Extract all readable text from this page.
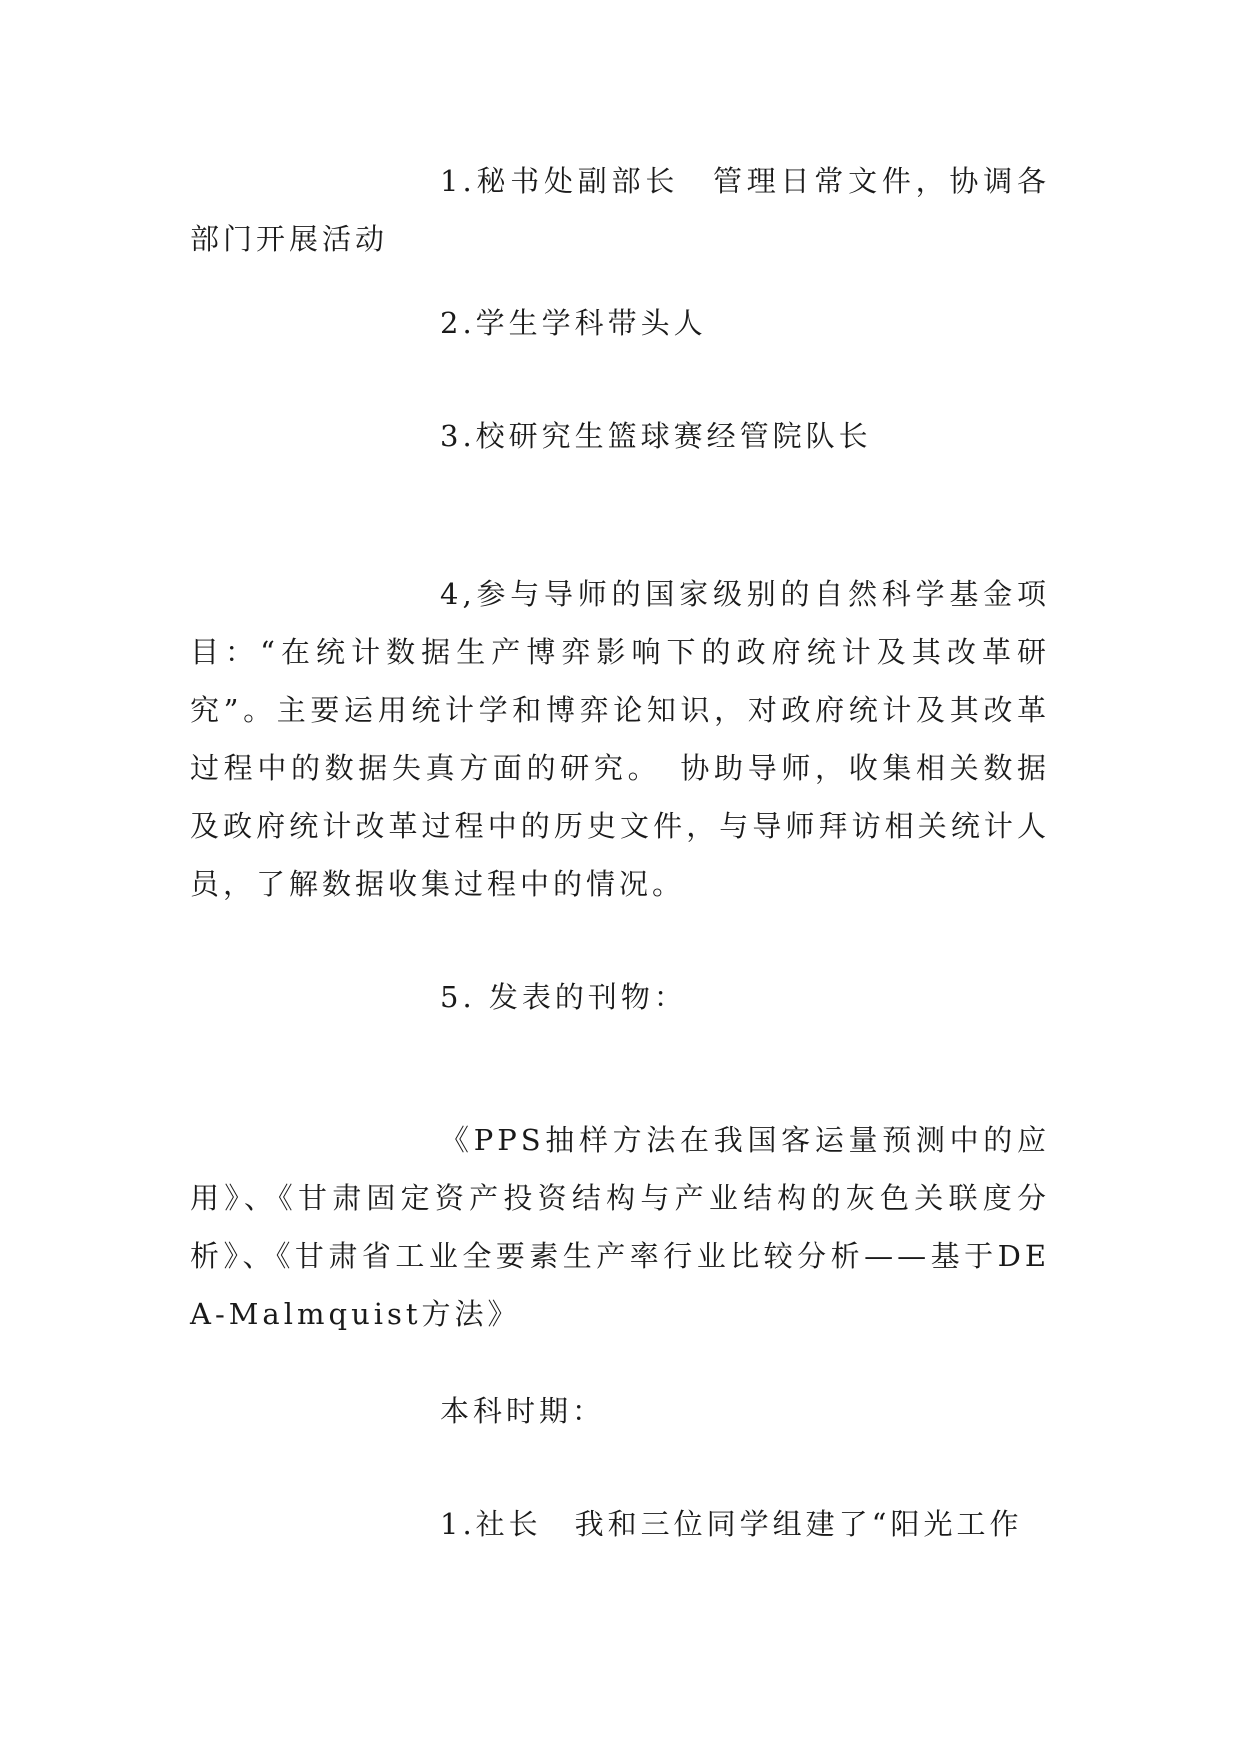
1.秘书处副部长　管理日常文件，协调各部门开展活动

2.学生学科带头人

3.校研究生篮球赛经管院队长

4,参与导师的国家级别的自然科学基金项目：“在统计数据生产博弈影响下的政府统计及其改革研究”。主要运用统计学和博弈论知识，对政府统计及其改革过程中的数据失真方面的研究。　协助导师，收集相关数据及政府统计改革过程中的历史文件，与导师拜访相关统计人员，了解数据收集过程中的情况。

5. 发表的刊物：

《PPS抽样方法在我国客运量预测中的应用》、《甘肃固定资产投资结构与产业结构的灰色关联度分析》、《甘肃省工业全要素生产率行业比较分析——基于DEA-Malmquist方法》

本科时期：

1.社长　我和三位同学组建了“阳光工作
